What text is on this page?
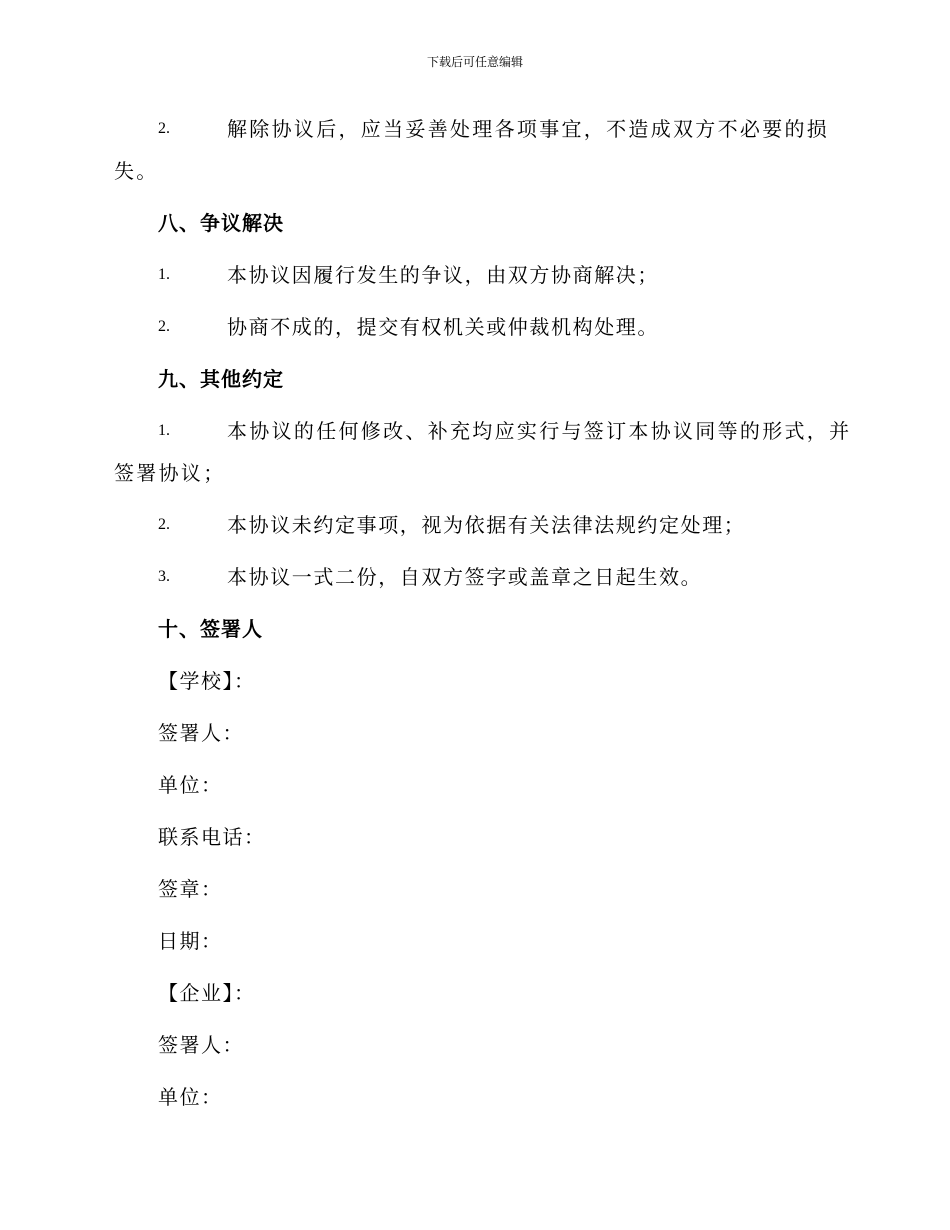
下载后可任意编辑
2.	解除协议后，应当妥善处理各项事宜，不造成双方不必要的损
失。
八、争议解决
1.	本协议因履行发生的争议，由双方协商解决；
2.	协商不成的，提交有权机关或仲裁机构处理。
九、其他约定
1.	本协议的任何修改、补充均应实行与签订本协议同等的形式，并
签署协议；
2.	本协议未约定事项，视为依据有关法律法规约定处理；
3.	本协议一式二份，自双方签字或盖章之日起生效。
十、签署人
【学校】：
签署人：
单位：
联系电话：
签章：
日期：
【企业】：
签署人：
单位：
